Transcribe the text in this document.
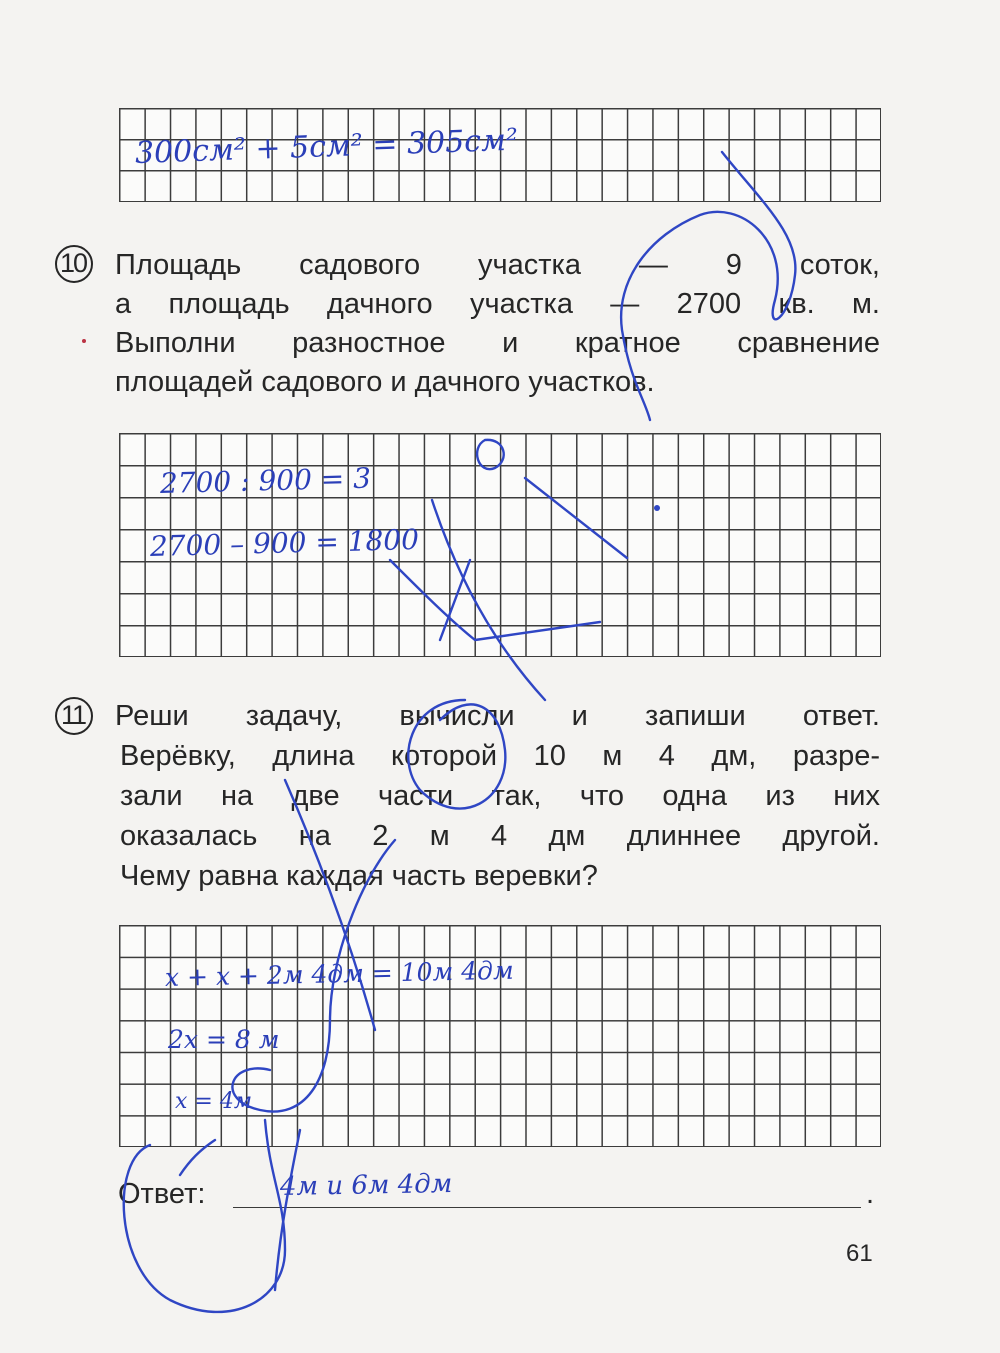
300см² + 5см² = 305см²
10 Площадь садового участка — 9 соток,
а площадь дачного участка — 2700 кв. м.
Выполни разностное и кратное сравнение
площадей садового и дачного участков.
2700 : 900 = 3
2700 – 900 = 1800
11 Реши задачу, вычисли и запиши ответ.
Верёвку, длина которой 10 м 4 дм, разре-
зали на две части так, что одна из них
оказалась на 2 м 4 дм длиннее другой.
Чему равна каждая часть веревки?
x + x + 2м 4дм = 10м 4дм
2x = 8 м
x = 4м
Ответ:	4м и 6м 4дм	.
61
